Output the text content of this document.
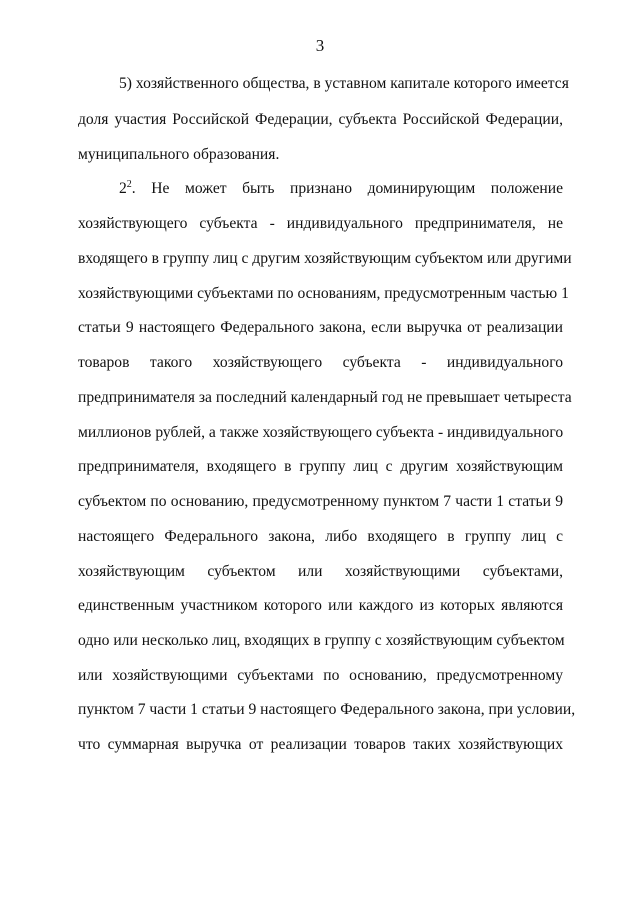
3
5) хозяйственного общества, в уставном капитале которого имеется
доля участия Российской Федерации, субъекта Российской Федерации,
муниципального образования.
$2^2$. Не может быть признано доминирующим положение
хозяйствующего субъекта - индивидуального предпринимателя, не
входящего в группу лиц с другим хозяйствующим субъектом или другими
хозяйствующими субъектами по основаниям, предусмотренным частью 1
статьи 9 настоящего Федерального закона, если выручка от реализации
товаров такого хозяйствующего субъекта - индивидуального
предпринимателя за последний календарный год не превышает четыреста
миллионов рублей, а также хозяйствующего субъекта - индивидуального
предпринимателя, входящего в группу лиц с другим хозяйствующим
субъектом по основанию, предусмотренному пунктом 7 части 1 статьи 9
настоящего Федерального закона, либо входящего в группу лиц с
хозяйствующим субъектом или хозяйствующими субъектами,
единственным участником которого или каждого из которых являются
одно или несколько лиц, входящих в группу с хозяйствующим субъектом
или хозяйствующими субъектами по основанию, предусмотренному
пунктом 7 части 1 статьи 9 настоящего Федерального закона, при условии,
что суммарная выручка от реализации товаров таких хозяйствующих
